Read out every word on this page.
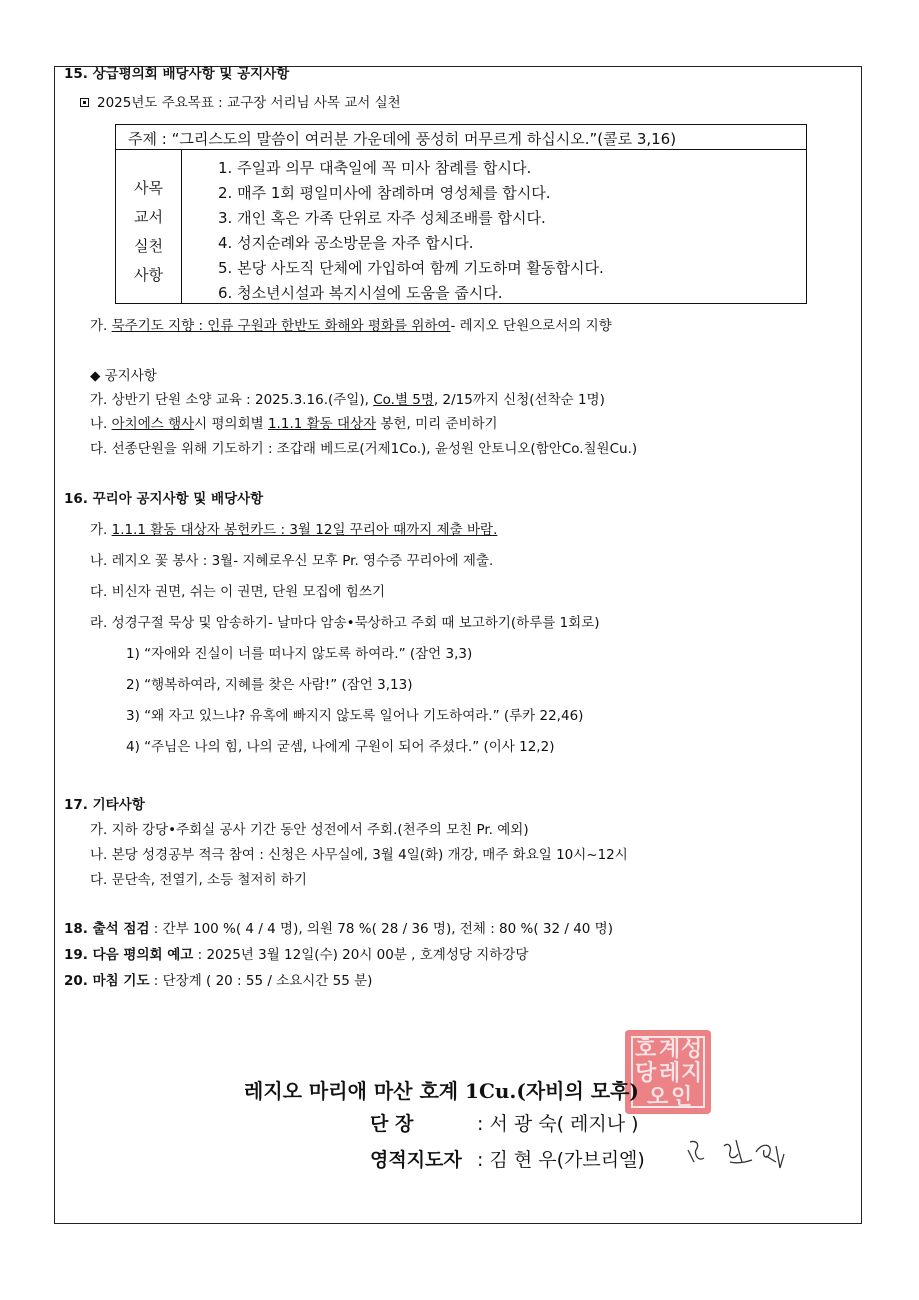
15. 상급평의회 배당사항 및 공지사항
2025년도 주요목표 : 교구장 서리님 사목 교서 실천
주제 : “그리스도의 말씀이 여러분 가운데에 풍성히 머무르게 하십시오.”(콜로 3,16)
사목
교서
실천
사항
1. 주일과 의무 대축일에 꼭 미사 참례를 합시다.
2. 매주 1회 평일미사에 참례하며 영성체를 합시다.
3. 개인 혹은 가족 단위로 자주 성체조배를 합시다.
4. 성지순례와 공소방문을 자주 합시다.
5. 본당 사도직 단체에 가입하여 함께 기도하며 활동합시다.
6. 청소년시설과 복지시설에 도움을 줍시다.
가. 묵주기도 지향 : 인류 구원과 한반도 화해와 평화를 위하여- 레지오 단원으로서의 지향
◆ 공지사항
가. 상반기 단원 소양 교육 : 2025.3.16.(주일), Co.별 5명, 2/15까지 신청(선착순 1명)
나. 아치에스 행사시 평의회별 1.1.1 활동 대상자 봉헌, 미리 준비하기
다. 선종단원을 위해 기도하기 : 조갑래 베드로(거제1Co.), 윤성원 안토니오(함안Co.칠원Cu.)
16. 꾸리아 공지사항 및 배당사항
가. 1.1.1 활동 대상자 봉헌카드 : 3월 12일 꾸리아 때까지 제출 바람.
나. 레지오 꽃 봉사 : 3월- 지혜로우신 모후 Pr. 영수증 꾸리아에 제출.
다. 비신자 권면, 쉬는 이 권면, 단원 모집에 힘쓰기
라. 성경구절 묵상 및 암송하기- 날마다 암송•묵상하고 주회 때 보고하기(하루를 1회로)
1) “자애와 진실이 너를 떠나지 않도록 하여라.” (잠언 3,3)
2) “행복하여라, 지혜를 찾은 사람!” (잠언 3,13)
3) “왜 자고 있느냐? 유혹에 빠지지 않도록 일어나 기도하여라.” (루카 22,46)
4) “주님은 나의 힘, 나의 굳셈, 나에게 구원이 되어 주셨다.” (이사 12,2)
17. 기타사항
가. 지하 강당•주회실 공사 기간 동안 성전에서 주회.(천주의 모친 Pr. 예외)
나. 본당 성경공부 적극 참여 : 신청은 사무실에, 3월 4일(화) 개강, 매주 화요일 10시~12시
다. 문단속, 전열기, 소등 철저히 하기
18. 출석 점검 : 간부 100 %( 4 / 4 명), 의원 78 %( 28 / 36 명), 전체 : 80 %( 32 / 40 명)
19. 다음 평의회 예고 : 2025년 3월 12일(수) 20시 00분 , 호계성당 지하강당
20. 마침 기도 : 단장계 ( 20 : 55 / 소요시간 55 분)
호 계 성
당 레 지
오 인
레지오 마리애 마산 호계 1Cu.(자비의 모후)
단 장	: 서 광 숙( 레지나 )
영적지도자 : 김 현 우(가브리엘)
